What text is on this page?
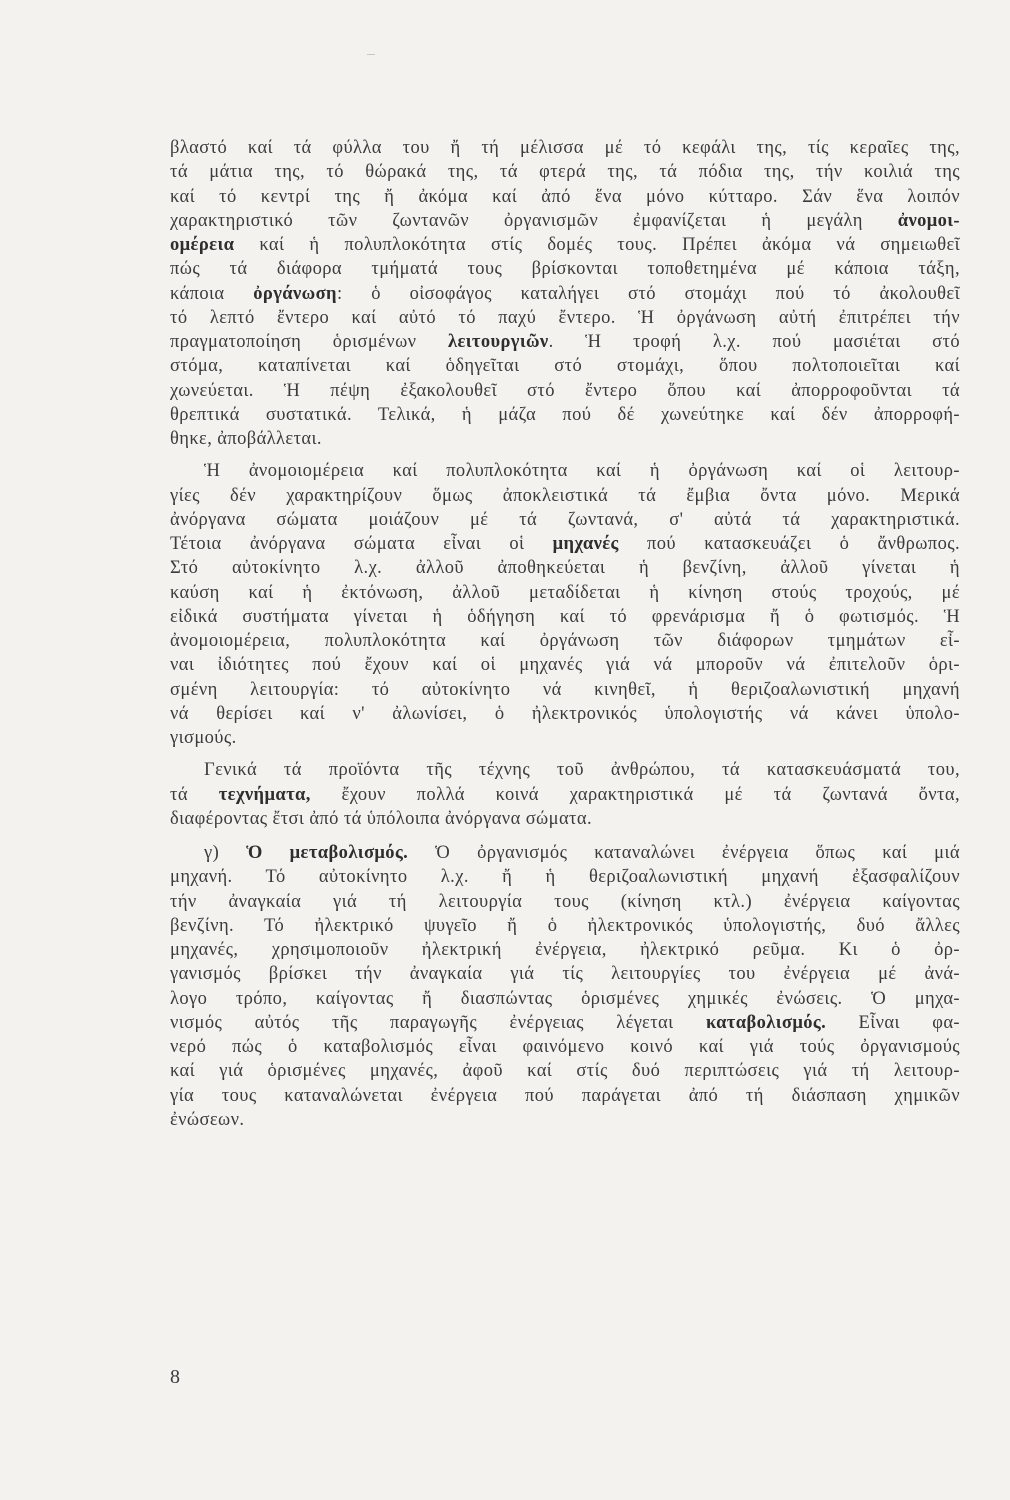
βλαστό καί τά φύλλα του ἤ τή μέλισσα μέ τό κεφάλι της, τίς κεραῖες της,
τά μάτια της, τό θώρακά της, τά φτερά της, τά πόδια της, τήν κοιλιά της
καί τό κεντρί της ἤ ἀκόμα καί ἀπό ἕνα μόνο κύτταρο. Σάν ἕνα λοιπόν
χαρακτηριστικό τῶν ζωντανῶν ὀργανισμῶν ἐμφανίζεται ἡ μεγάλη ἀνομοι-
ομέρεια καί ἡ πολυπλοκότητα στίς δομές τους. Πρέπει ἀκόμα νά σημειωθεῖ
πώς τά διάφορα τμήματά τους βρίσκονται τοποθετημένα μέ κάποια τάξη,
κάποια ὀργάνωση: ὁ οἰσοφάγος καταλήγει στό στομάχι πού τό ἀκολουθεῖ
τό λεπτό ἔντερο καί αὐτό τό παχύ ἔντερο. Ἡ ὀργάνωση αὐτή ἐπιτρέπει τήν
πραγματοποίηση ὁρισμένων λειτουργιῶν. Ἡ τροφή λ.χ. πού μασιέται στό
στόμα, καταπίνεται καί ὁδηγεῖται στό στομάχι, ὅπου πολτοποιεῖται καί
χωνεύεται. Ἡ πέψη ἐξακολουθεῖ στό ἔντερο ὅπου καί ἀπορροφοῦνται τά
θρεπτικά συστατικά. Τελικά, ἡ μάζα πού δέ χωνεύτηκε καί δέν ἀπορροφή-
θηκε, ἀποβάλλεται.
Ἡ ἀνομοιομέρεια καί πολυπλοκότητα καί ἡ ὀργάνωση καί οἱ λειτουρ-
γίες δέν χαρακτηρίζουν ὅμως ἀποκλειστικά τά ἔμβια ὄντα μόνο. Μερικά
ἀνόργανα σώματα μοιάζουν μέ τά ζωντανά, σ' αὐτά τά χαρακτηριστικά.
Τέτοια ἀνόργανα σώματα εἶναι οἱ μηχανές πού κατασκευάζει ὁ ἄνθρωπος.
Στό αὐτοκίνητο λ.χ. ἀλλοῦ ἀποθηκεύεται ἡ βενζίνη, ἀλλοῦ γίνεται ἡ
καύση καί ἡ ἐκτόνωση, ἀλλοῦ μεταδίδεται ἡ κίνηση στούς τροχούς, μέ
εἰδικά συστήματα γίνεται ἡ ὁδήγηση καί τό φρενάρισμα ἤ ὁ φωτισμός. Ἡ
ἀνομοιομέρεια, πολυπλοκότητα καί ὀργάνωση τῶν διάφορων τμημάτων εἶ-
ναι ἰδιότητες πού ἔχουν καί οἱ μηχανές γιά νά μποροῦν νά ἐπιτελοῦν ὁρι-
σμένη λειτουργία: τό αὐτοκίνητο νά κινηθεῖ, ἡ θεριζοαλωνιστική μηχανή
νά θερίσει καί ν' ἀλωνίσει, ὁ ἠλεκτρονικός ὑπολογιστής νά κάνει ὑπολο-
γισμούς.
Γενικά τά προϊόντα τῆς τέχνης τοῦ ἀνθρώπου, τά κατασκευάσματά του,
τά τεχνήματα, ἔχουν πολλά κοινά χαρακτηριστικά μέ τά ζωντανά ὄντα,
διαφέροντας ἔτσι ἀπό τά ὑπόλοιπα ἀνόργανα σώματα.
γ) Ὁ μεταβολισμός. Ὁ ὀργανισμός καταναλώνει ἐνέργεια ὅπως καί μιά
μηχανή. Τό αὐτοκίνητο λ.χ. ἤ ἡ θεριζοαλωνιστική μηχανή ἐξασφαλίζουν
τήν ἀναγκαία γιά τή λειτουργία τους (κίνηση κτλ.) ἐνέργεια καίγοντας
βενζίνη. Τό ἠλεκτρικό ψυγεῖο ἤ ὁ ἠλεκτρονικός ὑπολογιστής, δυό ἄλλες
μηχανές, χρησιμοποιοῦν ἠλεκτρική ἐνέργεια, ἠλεκτρικό ρεῦμα. Κι ὁ ὀρ-
γανισμός βρίσκει τήν ἀναγκαία γιά τίς λειτουργίες του ἐνέργεια μέ ἀνά-
λογο τρόπο, καίγοντας ἤ διασπώντας ὁρισμένες χημικές ἐνώσεις. Ὁ μηχα-
νισμός αὐτός τῆς παραγωγῆς ἐνέργειας λέγεται καταβολισμός. Εἶναι φα-
νερό πώς ὁ καταβολισμός εἶναι φαινόμενο κοινό καί γιά τούς ὀργανισμούς
καί γιά ὁρισμένες μηχανές, ἀφοῦ καί στίς δυό περιπτώσεις γιά τή λειτουρ-
γία τους καταναλώνεται ἐνέργεια πού παράγεται ἀπό τή διάσπαση χημικῶν
ἐνώσεων.
8
